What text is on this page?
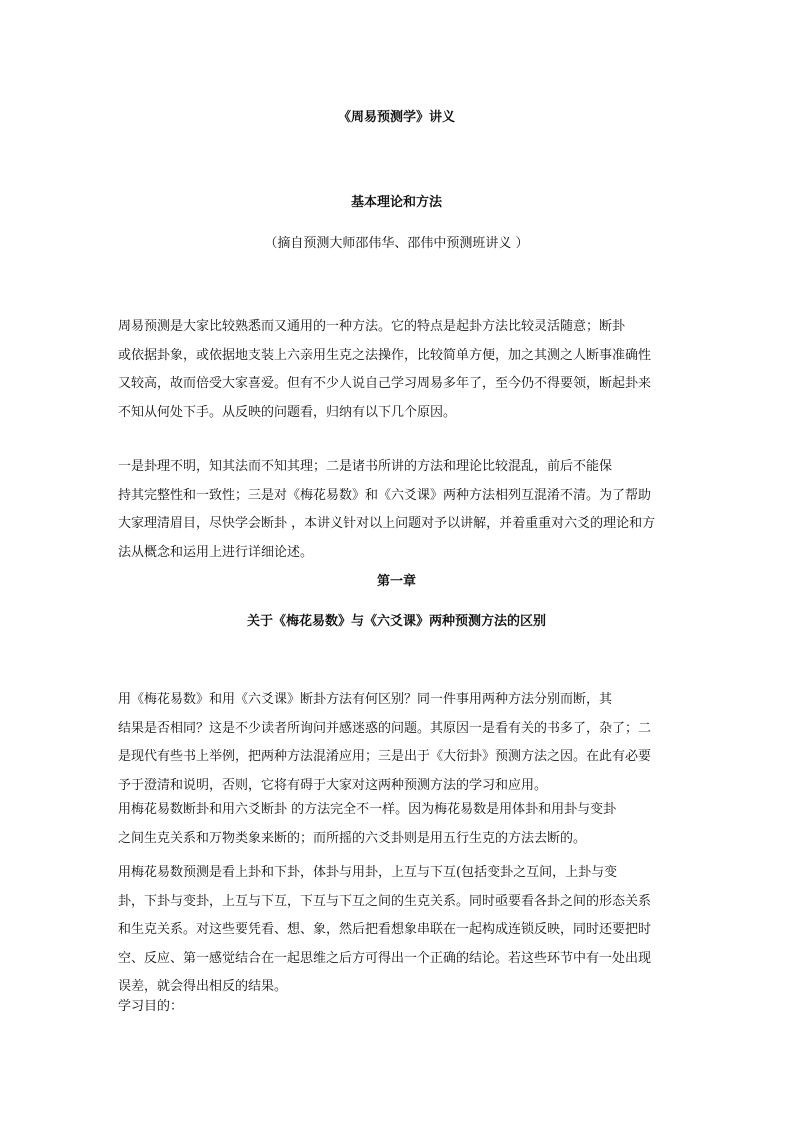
《周易预测学》讲义
基本理论和方法
（摘自预测大师邵伟华、邵伟中预测班讲义 ）

周易预测是大家比较熟悉而又通用的一种方法。它的特点是起卦方法比较灵活随意；断卦
或依据卦象，或依据地支装上六亲用生克之法操作，比较简单方便，加之其测之人断事准确性
又较高，故而倍受大家喜爱。但有不少人说自己学习周易多年了，至今仍不得要领，断起卦来
不知从何处下手。从反映的问题看，归纳有以下几个原因。

一是卦理不明，知其法而不知其理；二是诸书所讲的方法和理论比较混乱，前后不能保
持其完整性和一致性；三是对《梅花易数》和《六爻课》两种方法相列互混淆不清。为了帮助
大家理清眉目，尽快学会断卦 ，本讲义针对以上问题对予以讲解，并着重重对六爻的理论和方
法从概念和运用上进行详细论述。

第一章
关于《梅花易数》与《六爻课》两种预测方法的区别

用《梅花易数》和用《六爻课》断卦方法有何区别？同一件事用两种方法分别而断，其
结果是否相同？这是不少读者所询问并感迷惑的问题。其原因一是看有关的书多了，杂了；二
是现代有些书上举例，把两种方法混淆应用；三是出于《大衍卦》预测方法之因。在此有必要
予于澄清和说明，否则，它将有碍于大家对这两种预测方法的学习和应用。

用梅花易数断卦和用六爻断卦 的方法完全不一样。因为梅花易数是用体卦和用卦与变卦
之间生克关系和万物类象来断的；而所摇的六爻卦则是用五行生克的方法去断的。

用梅花易数预测是看上卦和下卦，体卦与用卦，上互与下互(包括变卦之互间，上卦与变
卦，下卦与变卦，上互与下互，下互与下互之间的生克关系。同时亟要看各卦之间的形态关系
和生克关系。对这些要凭看、想、象，然后把看想象串联在一起构成连锁反映，同时还要把时
空、反应、第一感觉结合在一起思维之后方可得出一个正确的结论。若这些环节中有一处出现
误差，就会得出相反的结果。

学习目的：
